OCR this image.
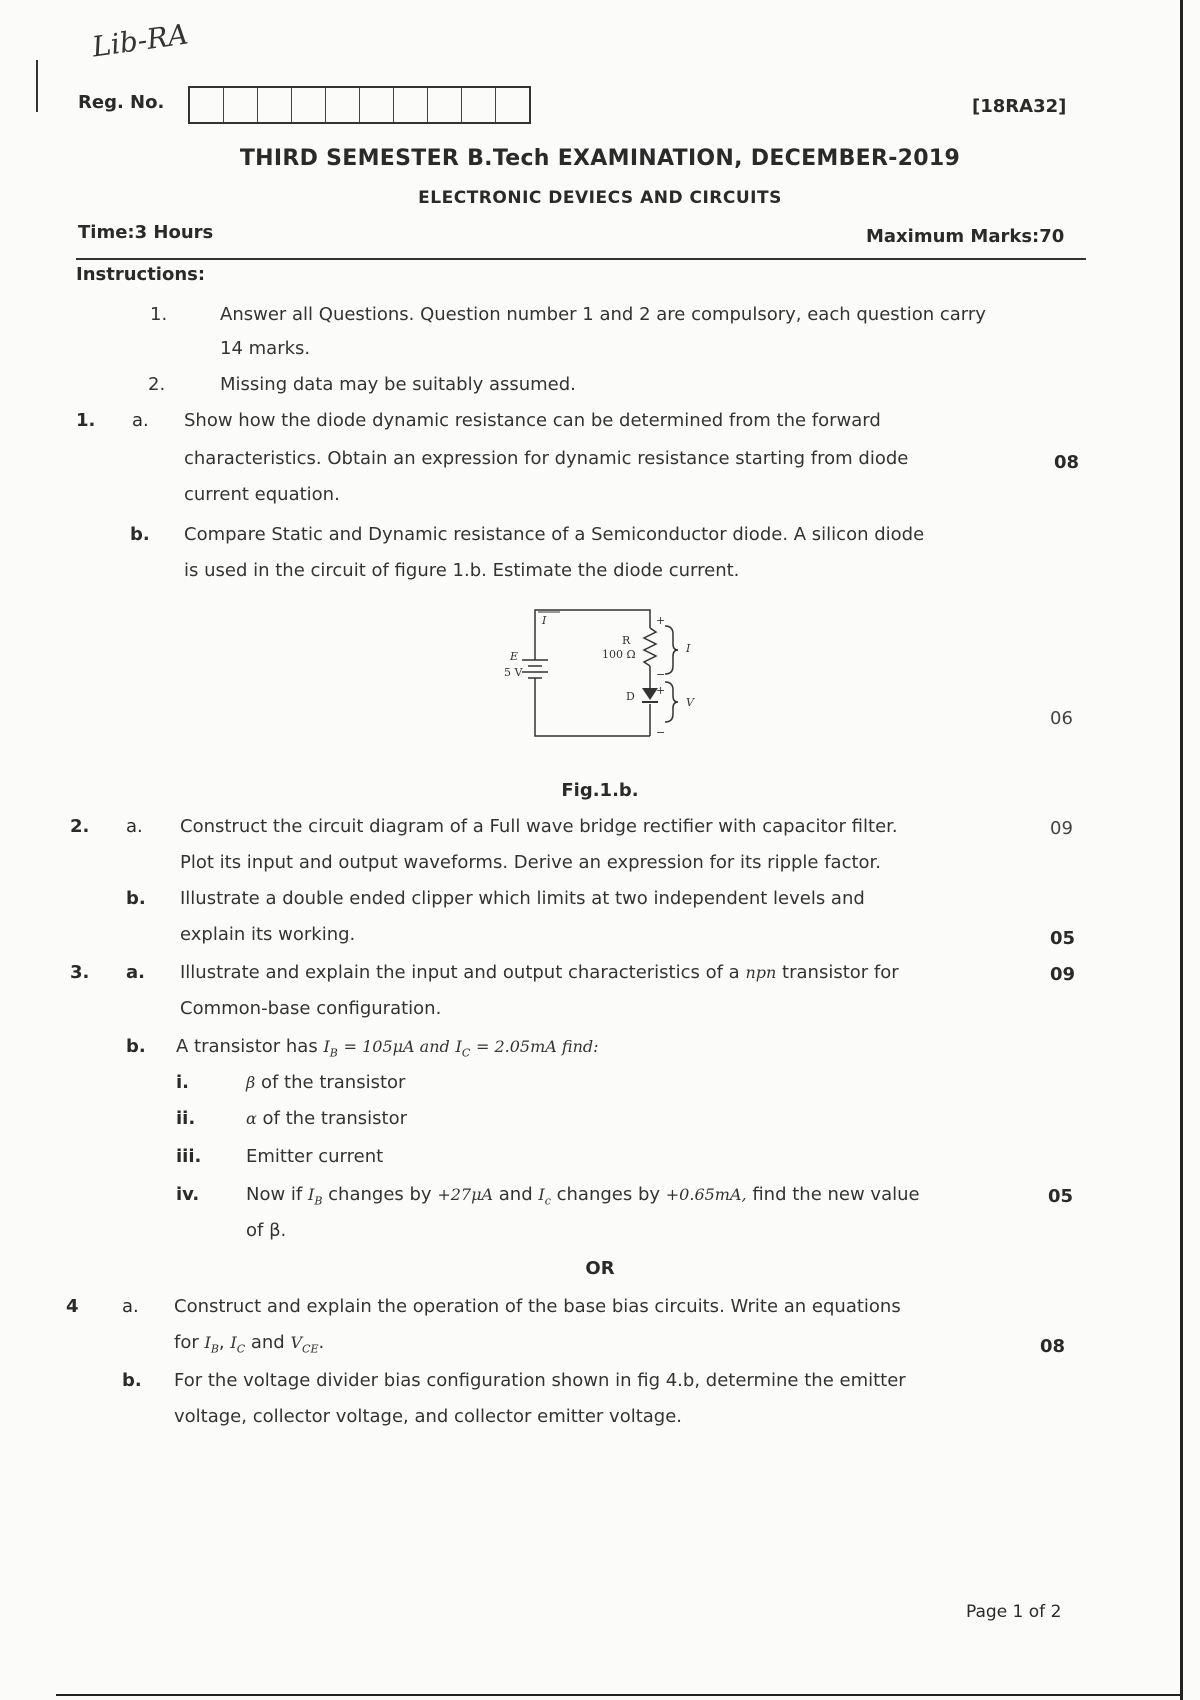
Lib-RA
Reg. No.	[18RA32]
THIRD SEMESTER B.Tech EXAMINATION, DECEMBER-2019
ELECTRONIC DEVIECS AND CIRCUITS
Time:3 Hours	Maximum Marks:70
Instructions:
1.	Answer all Questions. Question number 1 and 2 are compulsory, each question carry
14 marks.
2.	Missing data may be suitably assumed.
1. a. Show how the diode dynamic resistance can be determined from the forward
characteristics. Obtain an expression for dynamic resistance starting from diode
current equation.
08
b. Compare Static and Dynamic resistance of a Semiconductor diode. A silicon diode
is used in the circuit of figure 1.b. Estimate the diode current.
E
5 V
I
R
100 Ω
D
I
V
+
−
+
−
06
Fig.1.b.
2. a. Construct the circuit diagram of a Full wave bridge rectifier with capacitor filter.
Plot its input and output waveforms. Derive an expression for its ripple factor.
09
b. Illustrate a double ended clipper which limits at two independent levels and
explain its working.	05
3. a. Illustrate and explain the input and output characteristics of a npn transistor for
Common-base configuration.
09
b. A transistor has $I_B = 105\mu A$ and $I_C = 2.05mA$ find:
i.	β of the transistor
ii.	α of the transistor
iii. Emitter current
iv.	Now if $I_B$ changes by +27μA and $I_c$ changes by +0.65mA, find the new value
of β.
05
OR
4 a. Construct and explain the operation of the base bias circuits. Write an equations
for $I_B$, $I_C$ and $V_{CE}$.	08
b. For the voltage divider bias configuration shown in fig 4.b, determine the emitter
voltage, collector voltage, and collector emitter voltage.
Page 1 of 2
